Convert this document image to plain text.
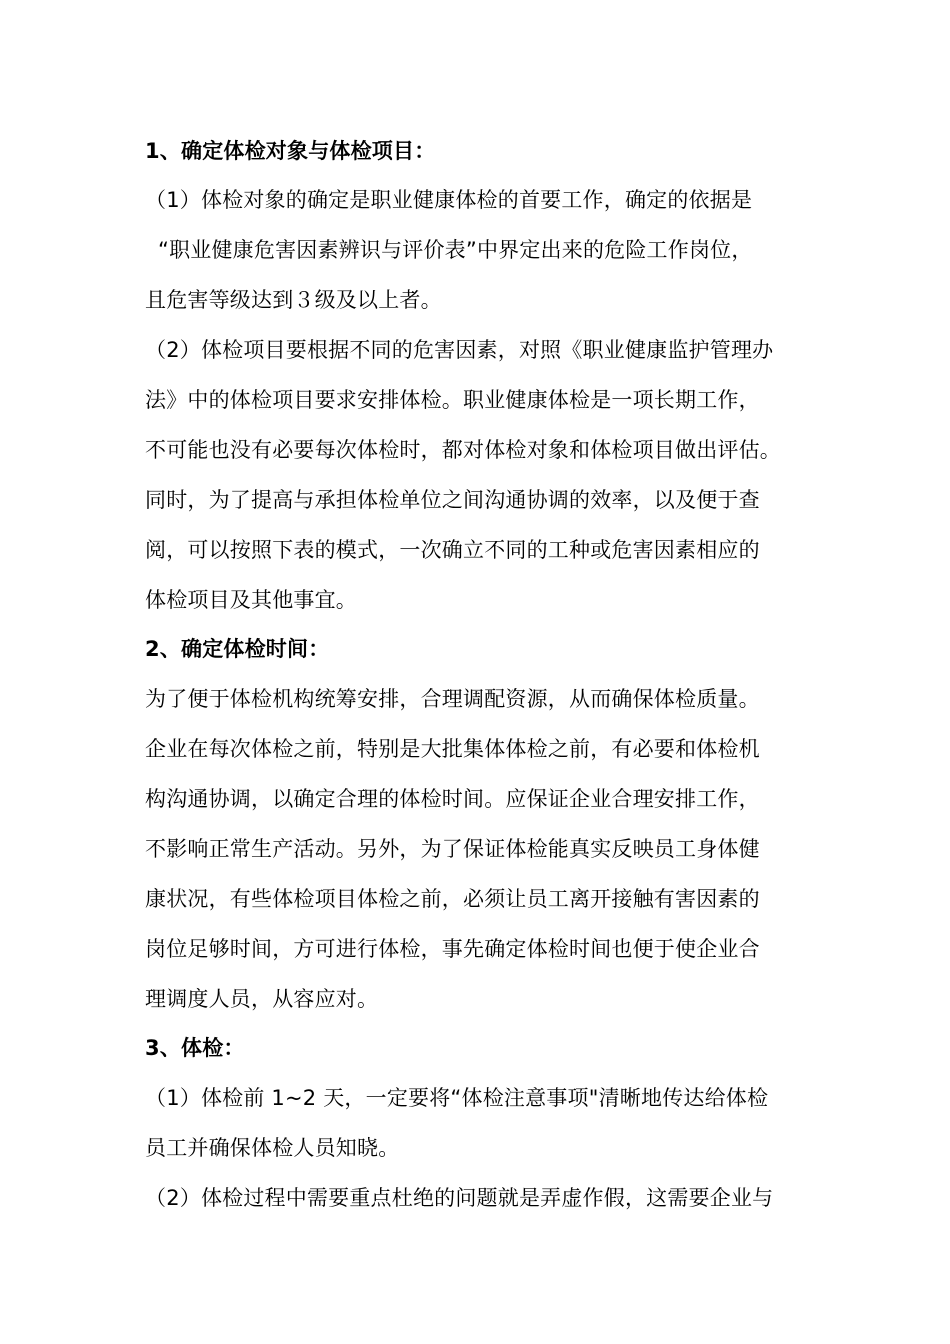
1、确定体检对象与体检项目：
（1）体检对象的确定是职业健康体检的首要工作，确定的依据是
“职业健康危害因素辨识与评价表”中界定出来的危险工作岗位，
且危害等级达到３级及以上者。
（2）体检项目要根据不同的危害因素，对照《职业健康监护管理办
法》中的体检项目要求安排体检。职业健康体检是一项长期工作，
不可能也没有必要每次体检时，都对体检对象和体检项目做出评估。
同时，为了提高与承担体检单位之间沟通协调的效率，以及便于查
阅，可以按照下表的模式，一次确立不同的工种或危害因素相应的
体检项目及其他事宜。
2、确定体检时间：
为了便于体检机构统筹安排，合理调配资源，从而确保体检质量。
企业在每次体检之前，特别是大批集体体检之前，有必要和体检机
构沟通协调，以确定合理的体检时间。应保证企业合理安排工作，
不影响正常生产活动。另外，为了保证体检能真实反映员工身体健
康状况，有些体检项目体检之前，必须让员工离开接触有害因素的
岗位足够时间，方可进行体检，事先确定体检时间也便于使企业合
理调度人员，从容应对。
3、体检：
（1）体检前 1~2 天，一定要将“体检注意事项"清晰地传达给体检
员工并确保体检人员知晓。
（2）体检过程中需要重点杜绝的问题就是弄虚作假，这需要企业与
